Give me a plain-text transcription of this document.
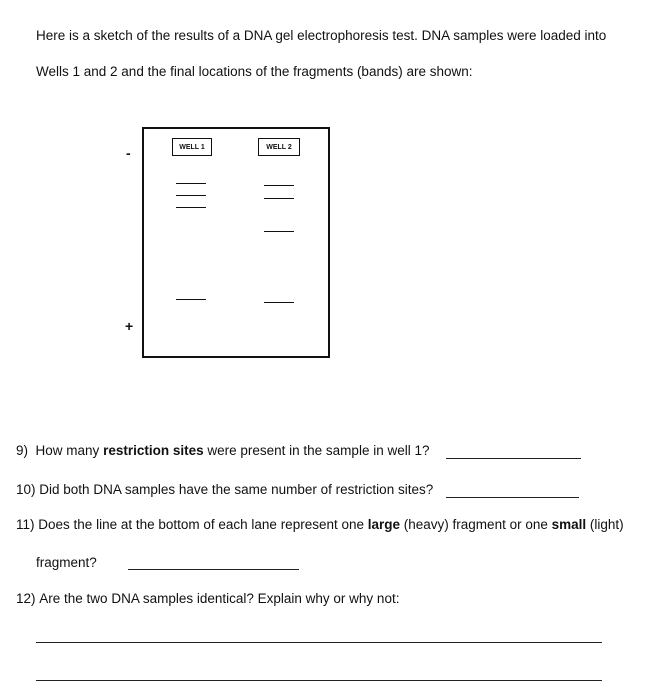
Here is a sketch of the results of a DNA gel electrophoresis test. DNA samples were loaded into
Wells 1 and 2 and the final locations of the fragments (bands) are shown:
-
+
WELL 1	WELL 2
9) How many restriction sites were present in the sample in well 1?
10) Did both DNA samples have the same number of restriction sites?
11) Does the line at the bottom of each lane represent one large (heavy) fragment or one small (light)
fragment?
12) Are the two DNA samples identical? Explain why or why not:
